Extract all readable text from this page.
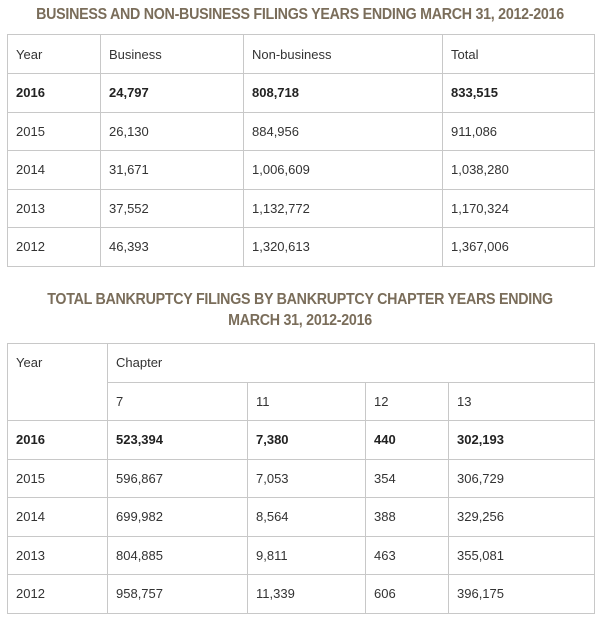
BUSINESS AND NON-BUSINESS FILINGS YEARS ENDING MARCH 31, 2012-2016
Year	Business	Non-business	Total
2016	24,797	808,718	833,515
2015	26,130	884,956	911,086
2014	31,671	1,006,609	1,038,280
2013	37,552	1,132,772	1,170,324
2012	46,393	1,320,613	1,367,006
TOTAL BANKRUPTCY FILINGS BY BANKRUPTCY CHAPTER YEARS ENDING MARCH 31, 2012-2016
Year	Chapter			
	7	11	12	13
2016	523,394	7,380	440	302,193
2015	596,867	7,053	354	306,729
2014	699,982	8,564	388	329,256
2013	804,885	9,811	463	355,081
2012	958,757	11,339	606	396,175
